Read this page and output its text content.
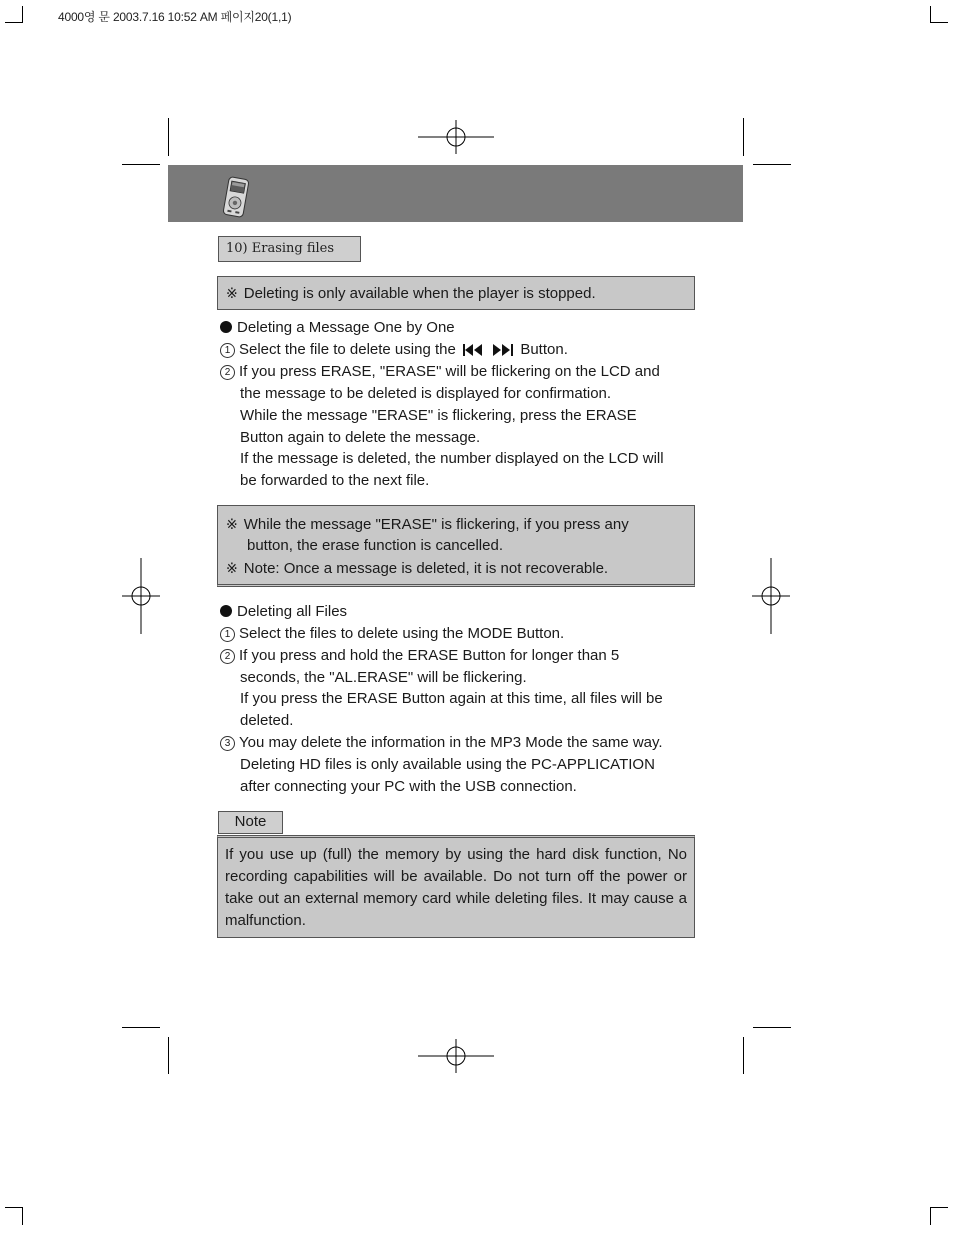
4000영 문 2003.7.16 10:52 AM 페이지20(1,1)
10) Erasing files
※ Deleting is only available when the player is stopped.
Deleting a Message One by One
1 Select the file to delete using the	Button.
2 If you press ERASE, "ERASE" will be flickering on the LCD and
the message to be deleted is displayed for confirmation.
While the message "ERASE" is flickering, press the ERASE
Button again to delete the message.
If the message is deleted, the number displayed on the LCD will
be forwarded to the next file.
※ While the message "ERASE" is flickering, if you press any
button, the erase function is cancelled.
※ Note: Once a message is deleted, it is not recoverable.
Deleting all Files
1 Select the files to delete using the MODE Button.
2 If you press and hold the ERASE Button for longer than 5
seconds, the "AL.ERASE" will be flickering.
If you press the ERASE Button again at this time, all files will be
deleted.
3 You may delete the information in the MP3 Mode the same way.
Deleting HD files is only available using the PC-APPLICATION
after connecting your PC with the USB connection.
Note
If you use up (full) the memory by using the hard disk function, No recording capabilities will be available. Do not turn off the power or take out an external memory card while deleting files. It may cause a malfunction.
